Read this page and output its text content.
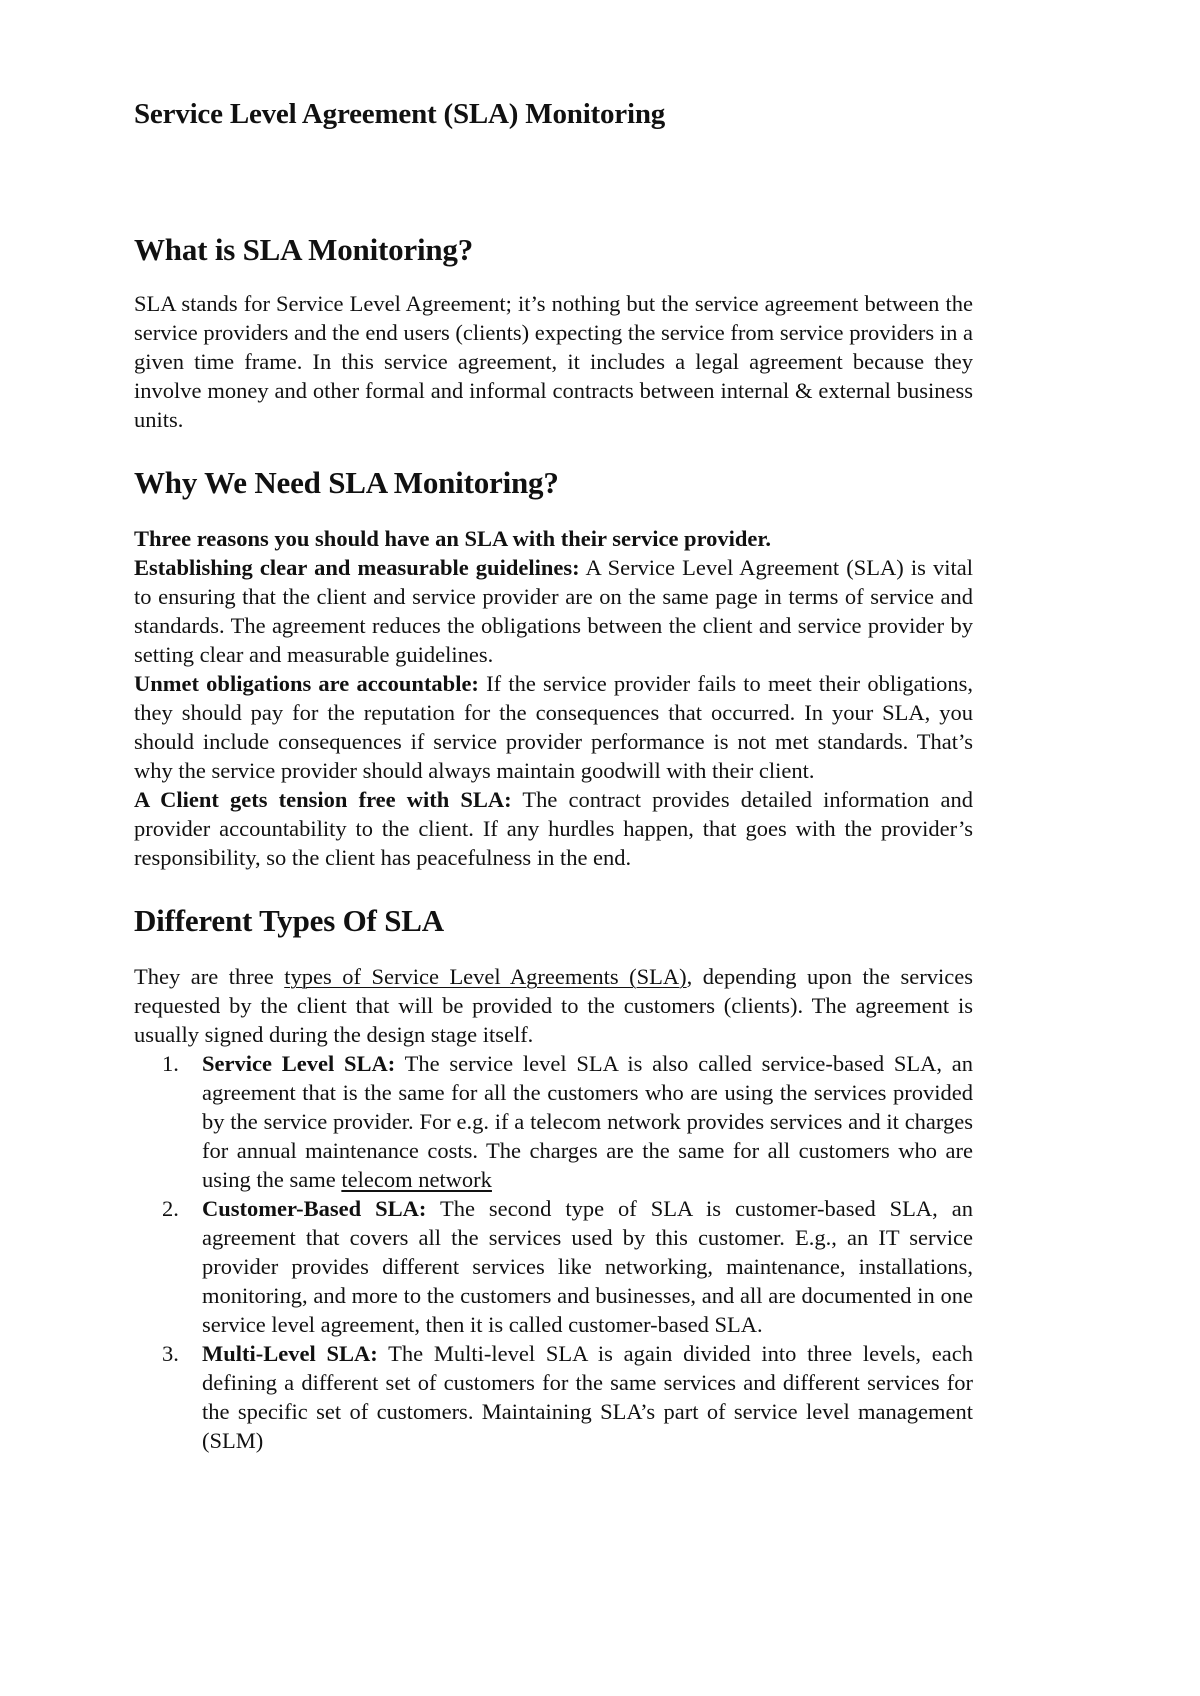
Service Level Agreement (SLA) Monitoring
What is SLA Monitoring?

SLA stands for Service Level Agreement; it’s nothing but the service agreement between the service providers and the end users (clients) expecting the service from service providers in a given time frame. In this service agreement, it includes a legal agreement because they involve money and other formal and informal contracts between internal & external business units.

Why We Need SLA Monitoring?
Three reasons you should have an SLA with their service provider.
Establishing clear and measurable guidelines: A Service Level Agreement (SLA) is vital to ensuring that the client and service provider are on the same page in terms of service and standards. The agreement reduces the obligations between the client and service provider by setting clear and measurable guidelines.
Unmet obligations are accountable: If the service provider fails to meet their obligations, they should pay for the reputation for the consequences that occurred. In your SLA, you should include consequences if service provider performance is not met standards. That’s why the service provider should always maintain goodwill with their client.
A Client gets tension free with SLA: The contract provides detailed information and provider accountability to the client. If any hurdles happen, that goes with the provider’s responsibility, so the client has peacefulness in the end.
Different Types Of SLA

They are three types of Service Level Agreements (SLA), depending upon the services requested by the client that will be provided to the customers (clients). The agreement is usually signed during the design stage itself.

1. Service Level SLA: The service level SLA is also called service-based SLA, an agreement that is the same for all the customers who are using the services provided by the service provider. For e.g. if a telecom network provides services and it charges for annual maintenance costs. The charges are the same for all customers who are using the same telecom network
2. Customer-Based SLA: The second type of SLA is customer-based SLA, an agreement that covers all the services used by this customer. E.g., an IT service provider provides different services like networking, maintenance, installations, monitoring, and more to the customers and businesses, and all are documented in one service level agreement, then it is called customer-based SLA.
3. Multi-Level SLA: The Multi-level SLA is again divided into three levels, each defining a different set of customers for the same services and different services for the specific set of customers. Maintaining SLA’s part of service level management (SLM)
